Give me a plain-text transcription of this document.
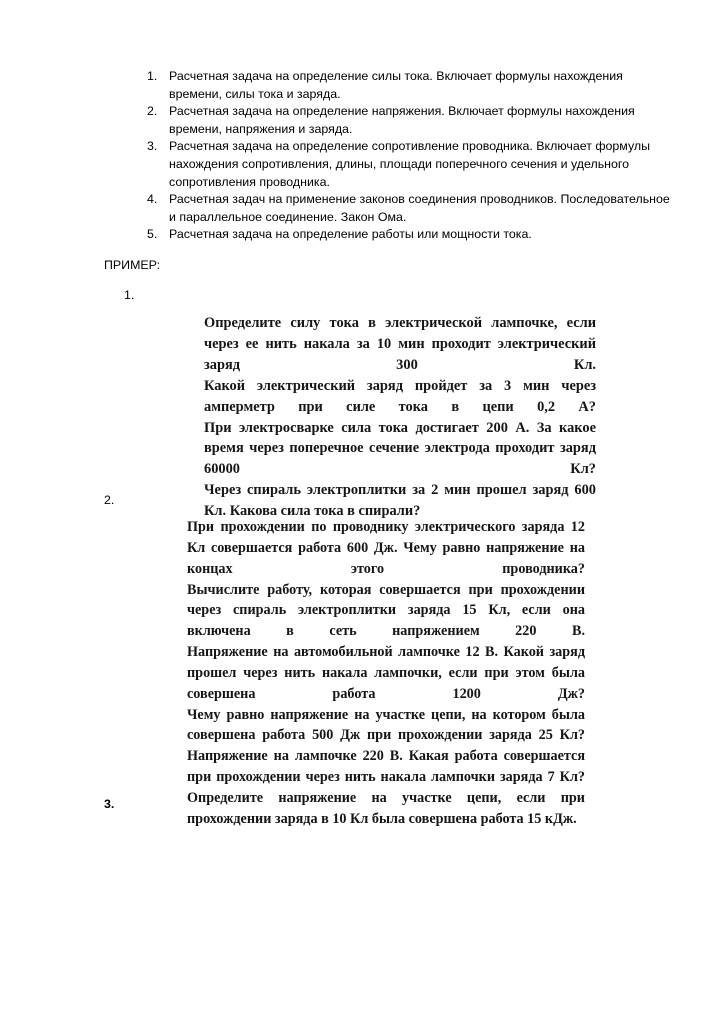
1. Расчетная задача на определение силы тока. Включает формулы нахождения времени, силы тока и заряда.
2. Расчетная задача на определение напряжения. Включает формулы нахождения времени, напряжения и заряда.
3. Расчетная задача на определение сопротивление проводника. Включает формулы нахождения сопротивления, длины, площади поперечного сечения и удельного сопротивления проводника.
4. Расчетная задач на применение законов соединения проводников. Последовательное и параллельное соединение. Закон Ома.
5. Расчетная задача на определение работы или мощности тока.
ПРИМЕР:
1.

Определите силу тока в электрической лампочке, если через ее нить накала за 10 мин проходит электрический заряд 300 Кл.

Какой электрический заряд пройдет за 3 мин через амперметр при силе тока в цепи 0,2 А?

При электросварке сила тока достигает 200 А. За какое время через поперечное сечение электрода проходит заряд 60000 Кл?

Через спираль электроплитки за 2 мин прошел заряд 600 Кл. Какова сила тока в спирали?

2.

При прохождении по проводнику электрического заряда 12 Кл совершается работа 600 Дж. Чему равно напряжение на концах этого проводника?

Вычислите работу, которая совершается при прохождении через спираль электроплитки заряда 15 Кл, если она включена в сеть напряжением 220 В.

Напряжение на автомобильной лампочке 12 В. Какой заряд прошел через нить накала лампочки, если при этом была совершена работа 1200 Дж?

Чему равно напряжение на участке цепи, на котором была совершена работа 500 Дж при прохождении заряда 25 Кл?

Напряжение на лампочке 220 В. Какая работа совершается при прохождении через нить накала лампочки заряда 7 Кл?

Определите напряжение на участке цепи, если при прохождении заряда в 10 Кл была совершена работа 15 кДж.

3.
